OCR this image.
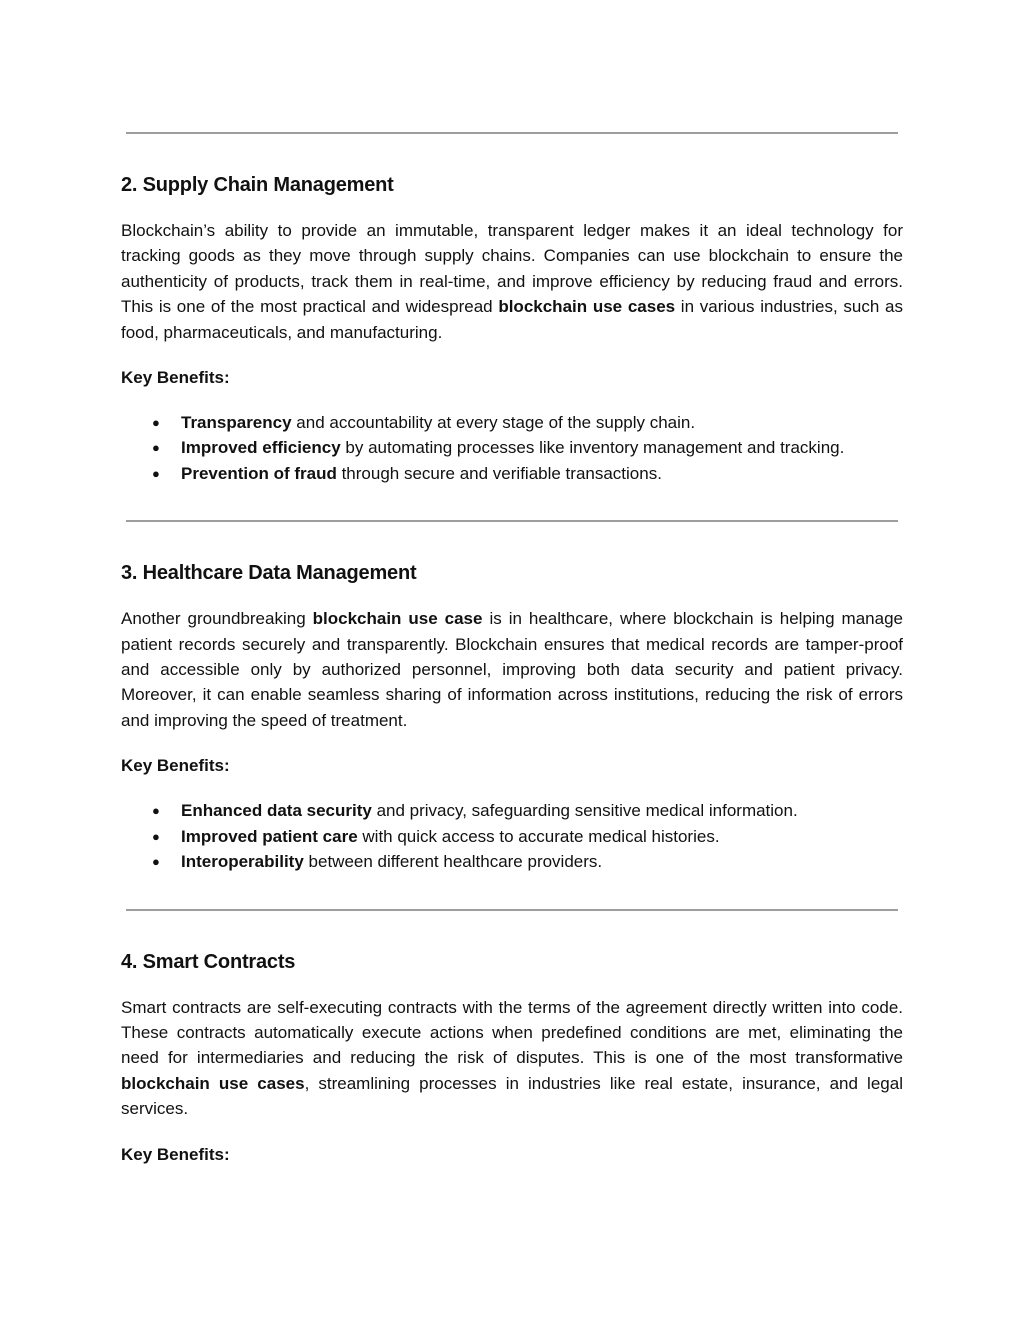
2. Supply Chain Management

Blockchain’s ability to provide an immutable, transparent ledger makes it an ideal technology for tracking goods as they move through supply chains. Companies can use blockchain to ensure the authenticity of products, track them in real-time, and improve efficiency by reducing fraud and errors. This is one of the most practical and widespread blockchain use cases in various industries, such as food, pharmaceuticals, and manufacturing.

Key Benefits:

● Transparency and accountability at every stage of the supply chain.
● Improved efficiency by automating processes like inventory management and tracking.
● Prevention of fraud through secure and verifiable transactions.
3. Healthcare Data Management

Another groundbreaking blockchain use case is in healthcare, where blockchain is helping manage patient records securely and transparently. Blockchain ensures that medical records are tamper-proof and accessible only by authorized personnel, improving both data security and patient privacy. Moreover, it can enable seamless sharing of information across institutions, reducing the risk of errors and improving the speed of treatment.

Key Benefits:

● Enhanced data security and privacy, safeguarding sensitive medical information.
● Improved patient care with quick access to accurate medical histories.
● Interoperability between different healthcare providers.
4. Smart Contracts

Smart contracts are self-executing contracts with the terms of the agreement directly written into code. These contracts automatically execute actions when predefined conditions are met, eliminating the need for intermediaries and reducing the risk of disputes. This is one of the most transformative blockchain use cases, streamlining processes in industries like real estate, insurance, and legal services.

Key Benefits:
